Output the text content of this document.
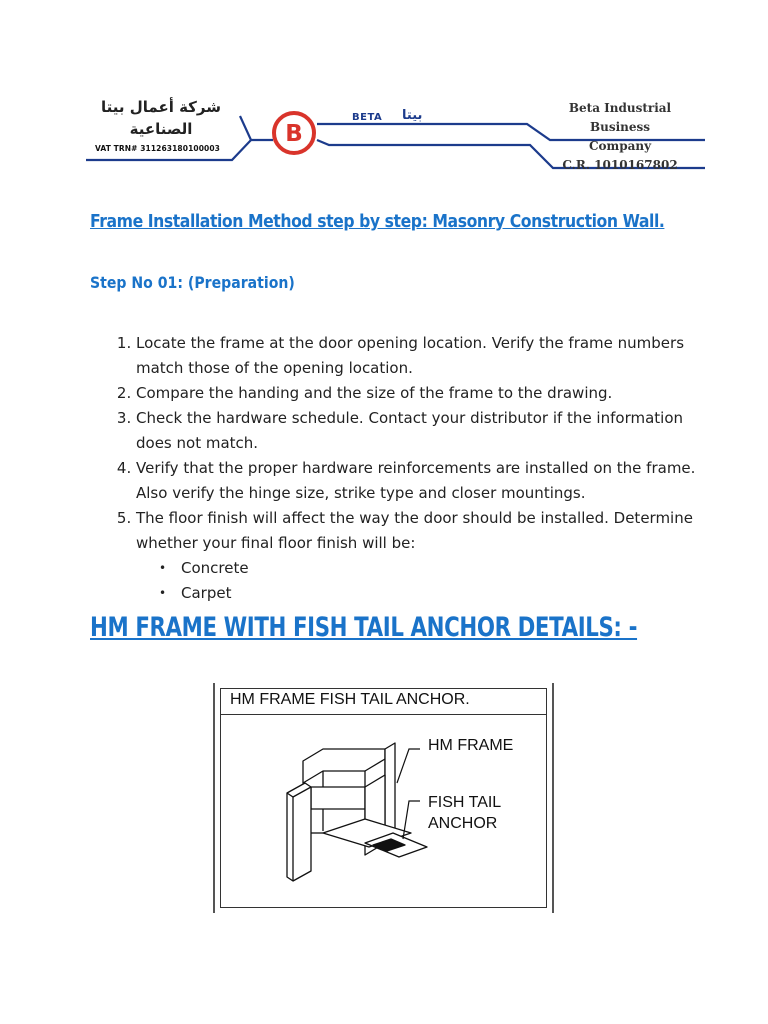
شركة أعمال بيتا
الصناعية
VAT TRN# 311263180100003
B
BETA بيتا	Beta Industrial Business
Company
C.R. 1010167802
Frame Installation Method step by step: Masonry Construction Wall.
Step No 01: (Preparation)
1. Locate the frame at the door opening location. Verify the frame numbers match those of the opening location.
2. Compare the handing and the size of the frame to the drawing.
3. Check the hardware schedule. Contact your distributor if the information does not match.
4. Verify that the proper hardware reinforcements are installed on the frame. Also verify the hinge size, strike type and closer mountings.
5. The floor finish will affect the way the door should be installed. Determine whether your final floor finish will be:
• Concrete
• Carpet
HM FRAME WITH FISH TAIL ANCHOR DETAILS: -
HM FRAME FISH TAIL ANCHOR.
HM FRAME
FISH TAIL
ANCHOR
